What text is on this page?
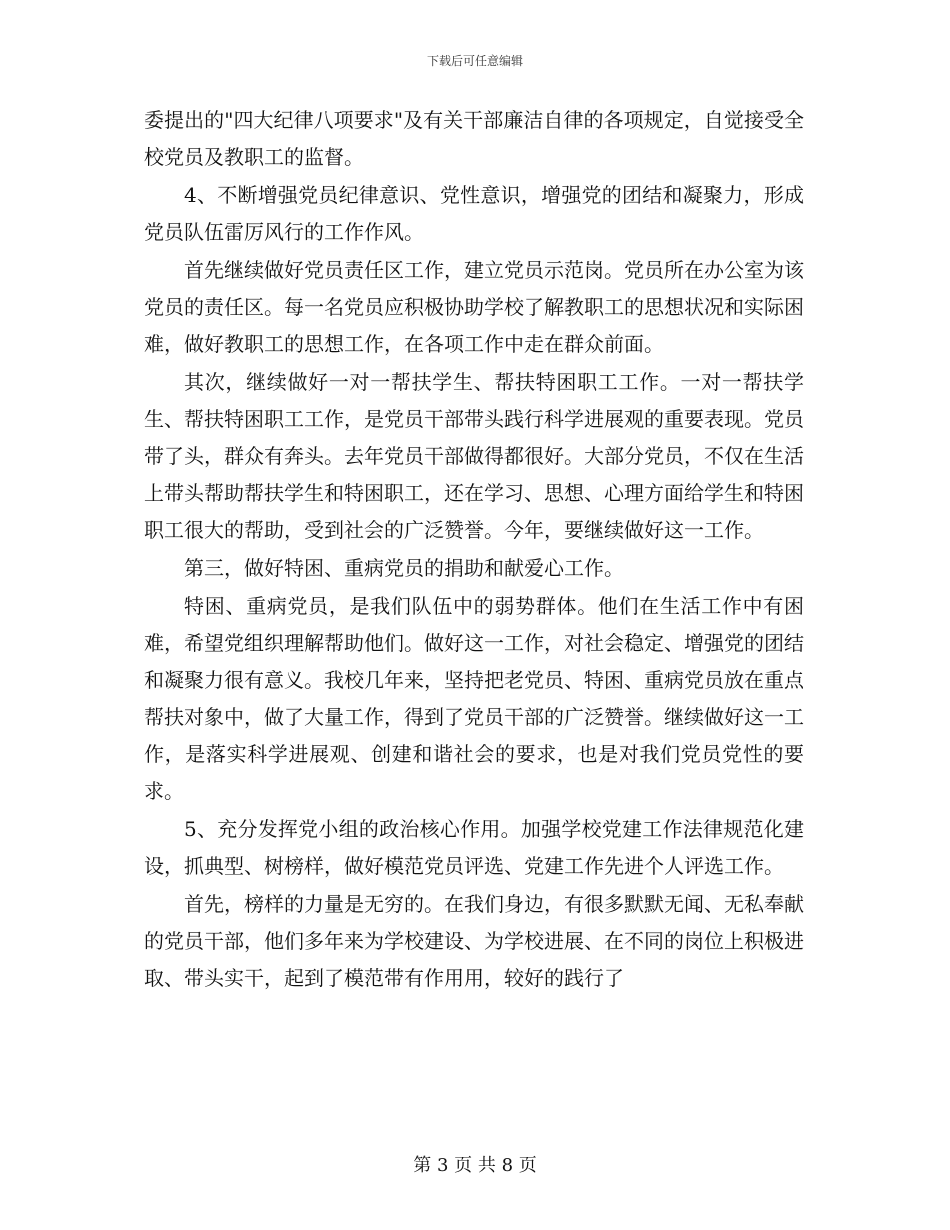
下载后可任意编辑

委提出的"四大纪律八项要求"及有关干部廉洁自律的各项规定，自觉接受全校党员及教职工的监督。

4、不断增强党员纪律意识、党性意识，增强党的团结和凝聚力，形成党员队伍雷厉风行的工作作风。

首先继续做好党员责任区工作，建立党员示范岗。党员所在办公室为该党员的责任区。每一名党员应积极协助学校了解教职工的思想状况和实际困难，做好教职工的思想工作，在各项工作中走在群众前面。

其次，继续做好一对一帮扶学生、帮扶特困职工工作。一对一帮扶学生、帮扶特困职工工作，是党员干部带头践行科学进展观的重要表现。党员带了头，群众有奔头。去年党员干部做得都很好。大部分党员，不仅在生活上带头帮助帮扶学生和特困职工，还在学习、思想、心理方面给学生和特困职工很大的帮助，受到社会的广泛赞誉。今年，要继续做好这一工作。

第三，做好特困、重病党员的捐助和献爱心工作。

特困、重病党员，是我们队伍中的弱势群体。他们在生活工作中有困难，希望党组织理解帮助他们。做好这一工作，对社会稳定、增强党的团结和凝聚力很有意义。我校几年来，坚持把老党员、特困、重病党员放在重点帮扶对象中，做了大量工作，得到了党员干部的广泛赞誉。继续做好这一工作，是落实科学进展观、创建和谐社会的要求，也是对我们党员党性的要求。

5、充分发挥党小组的政治核心作用。加强学校党建工作法律规范化建设，抓典型、树榜样，做好模范党员评选、党建工作先进个人评选工作。

首先，榜样的力量是无穷的。在我们身边，有很多默默无闻、无私奉献的党员干部，他们多年来为学校建设、为学校进展、在不同的岗位上积极进取、带头实干，起到了模范带有作用用，较好的践行了

第 3 页 共 8 页
